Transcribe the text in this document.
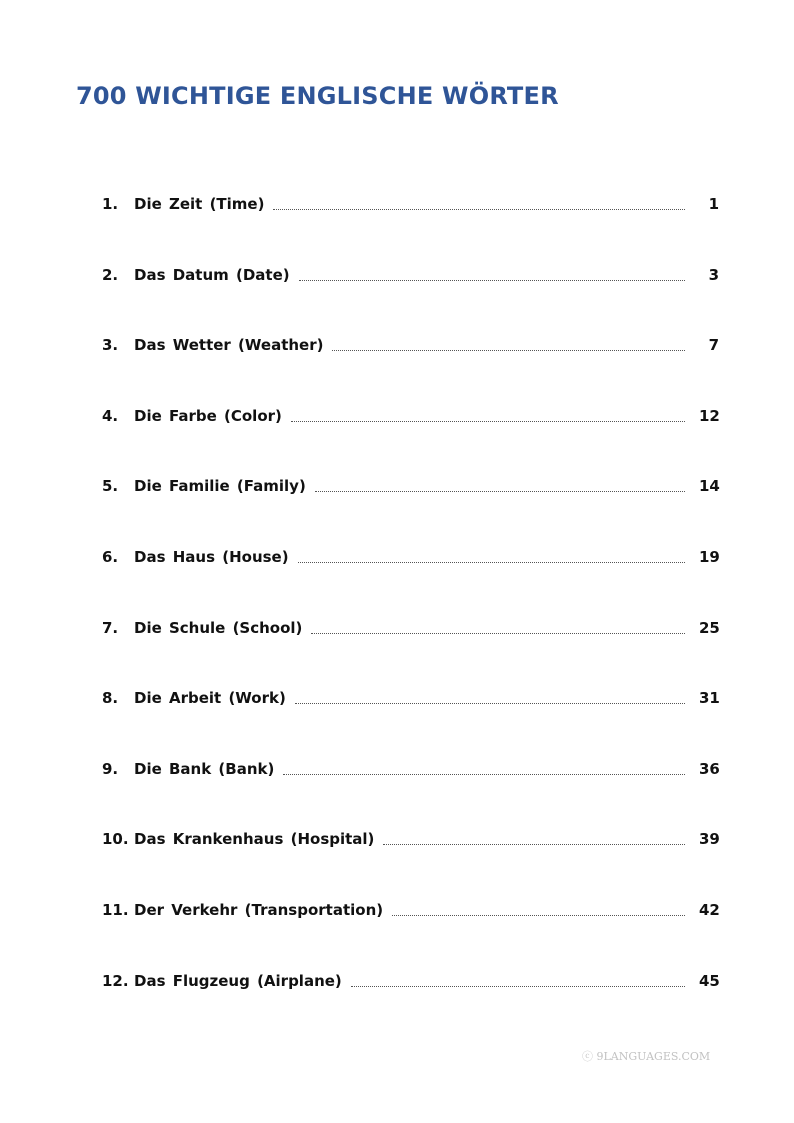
700 WICHTIGE ENGLISCHE WÖRTER
1.	Die Zeit (Time)	1
2.	Das Datum (Date)	3
3.	Das Wetter (Weather)	7
4.	Die Farbe (Color)	12
5.	Die Familie (Family)	14
6.	Das Haus (House)	19
7.	Die Schule (School)	25
8.	Die Arbeit (Work)	31
9.	Die Bank (Bank)	36
10. Das Krankenhaus (Hospital)	39
11. Der Verkehr (Transportation)	42
12. Das Flugzeug (Airplane)	45
ⓒ 9LANGUAGES.COM
